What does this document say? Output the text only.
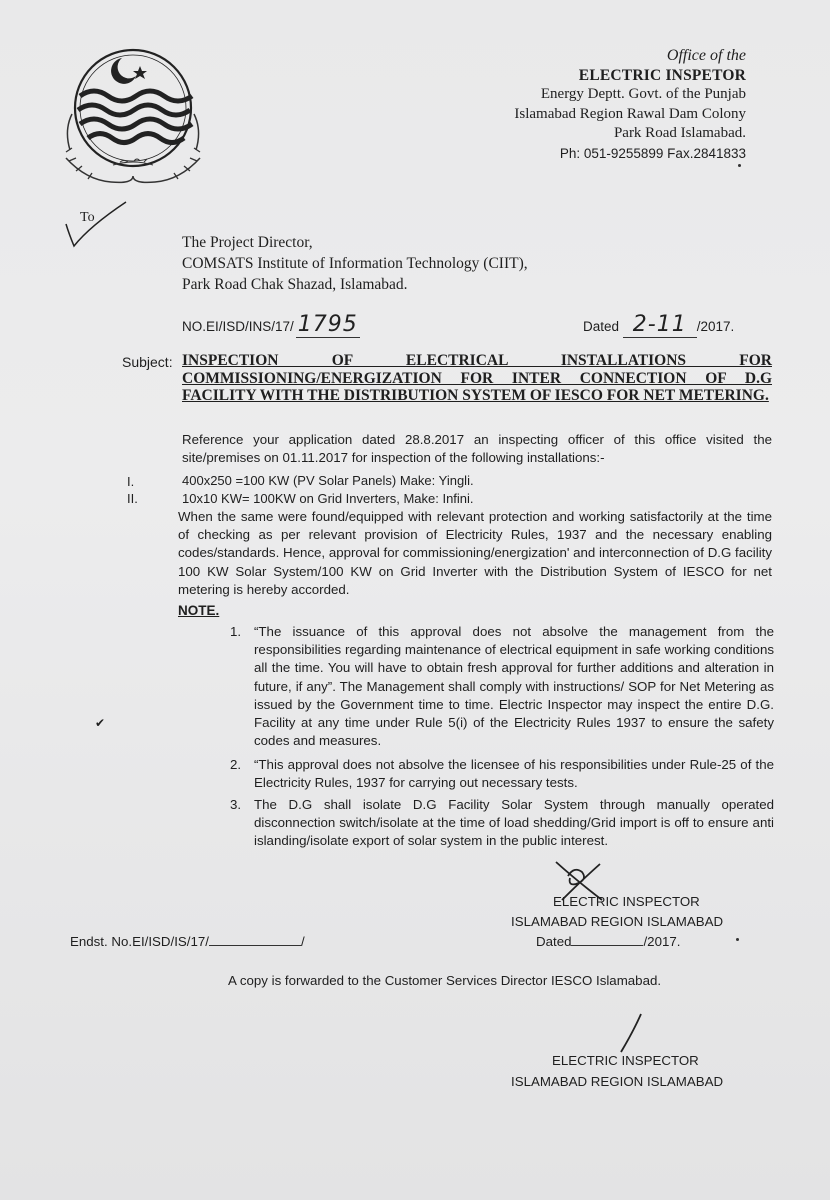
Office of the
ELECTRIC INSPETOR
Energy Deptt. Govt. of the Punjab
Islamabad Region Rawal Dam Colony
Park Road Islamabad.
Ph: 051-9255899 Fax.2841833
To
The Project Director,
COMSATS Institute of Information Technology (CIIT),
Park Road Chak Shazad, Islamabad.
NO.EI/ISD/INS/17/ 1795	Dated 2-11 /2017.
Subject: INSPECTION OF ELECTRICAL INSTALLATIONS FOR COMMISSIONING/ENERGIZATION FOR INTER CONNECTION OF D.G FACILITY WITH THE DISTRIBUTION SYSTEM OF IESCO FOR NET METERING.
Reference your application dated 28.8.2017 an inspecting officer of this office visited the site/premises on 01.11.2017 for inspection of the following installations:-
I.	400x250 =100 KW (PV Solar Panels) Make: Yingli.
II.	10x10 KW= 100KW on Grid Inverters, Make: Infini.
When the same were found/equipped with relevant protection and working satisfactorily at the time of checking as per relevant provision of Electricity Rules, 1937 and the necessary enabling codes/standards. Hence, approval for commissioning/energization' and interconnection of D.G facility 100 KW Solar System/100 KW on Grid Inverter with the Distribution System of IESCO for net metering is hereby accorded.
NOTE.
1. “The issuance of this approval does not absolve the management from the responsibilities regarding maintenance of electrical equipment in safe working conditions all the time. You will have to obtain fresh approval for further additions and alteration in future, if any”. The Management shall comply with instructions/ SOP for Net Metering as issued by the Government time to time. Electric Inspector may inspect the entire D.G. Facility at any time under Rule 5(i) of the Electricity Rules 1937 to ensure the safety codes and measures.
✔
2. “This approval does not absolve the licensee of his responsibilities under Rule-25 of the Electricity Rules, 1937 for carrying out necessary tests.
3. The D.G shall isolate D.G Facility Solar System through manually operated disconnection switch/isolate at the time of load shedding/Grid import is off to ensure anti islanding/isolate export of solar system in the public interest.
ELECTRIC INSPECTOR
ISLAMABAD REGION ISLAMABAD
Dated	/2017.
Endst. No.EI/ISD/IS/17/	/
A copy is forwarded to the Customer Services Director IESCO Islamabad.
ELECTRIC INSPECTOR
ISLAMABAD REGION ISLAMABAD
